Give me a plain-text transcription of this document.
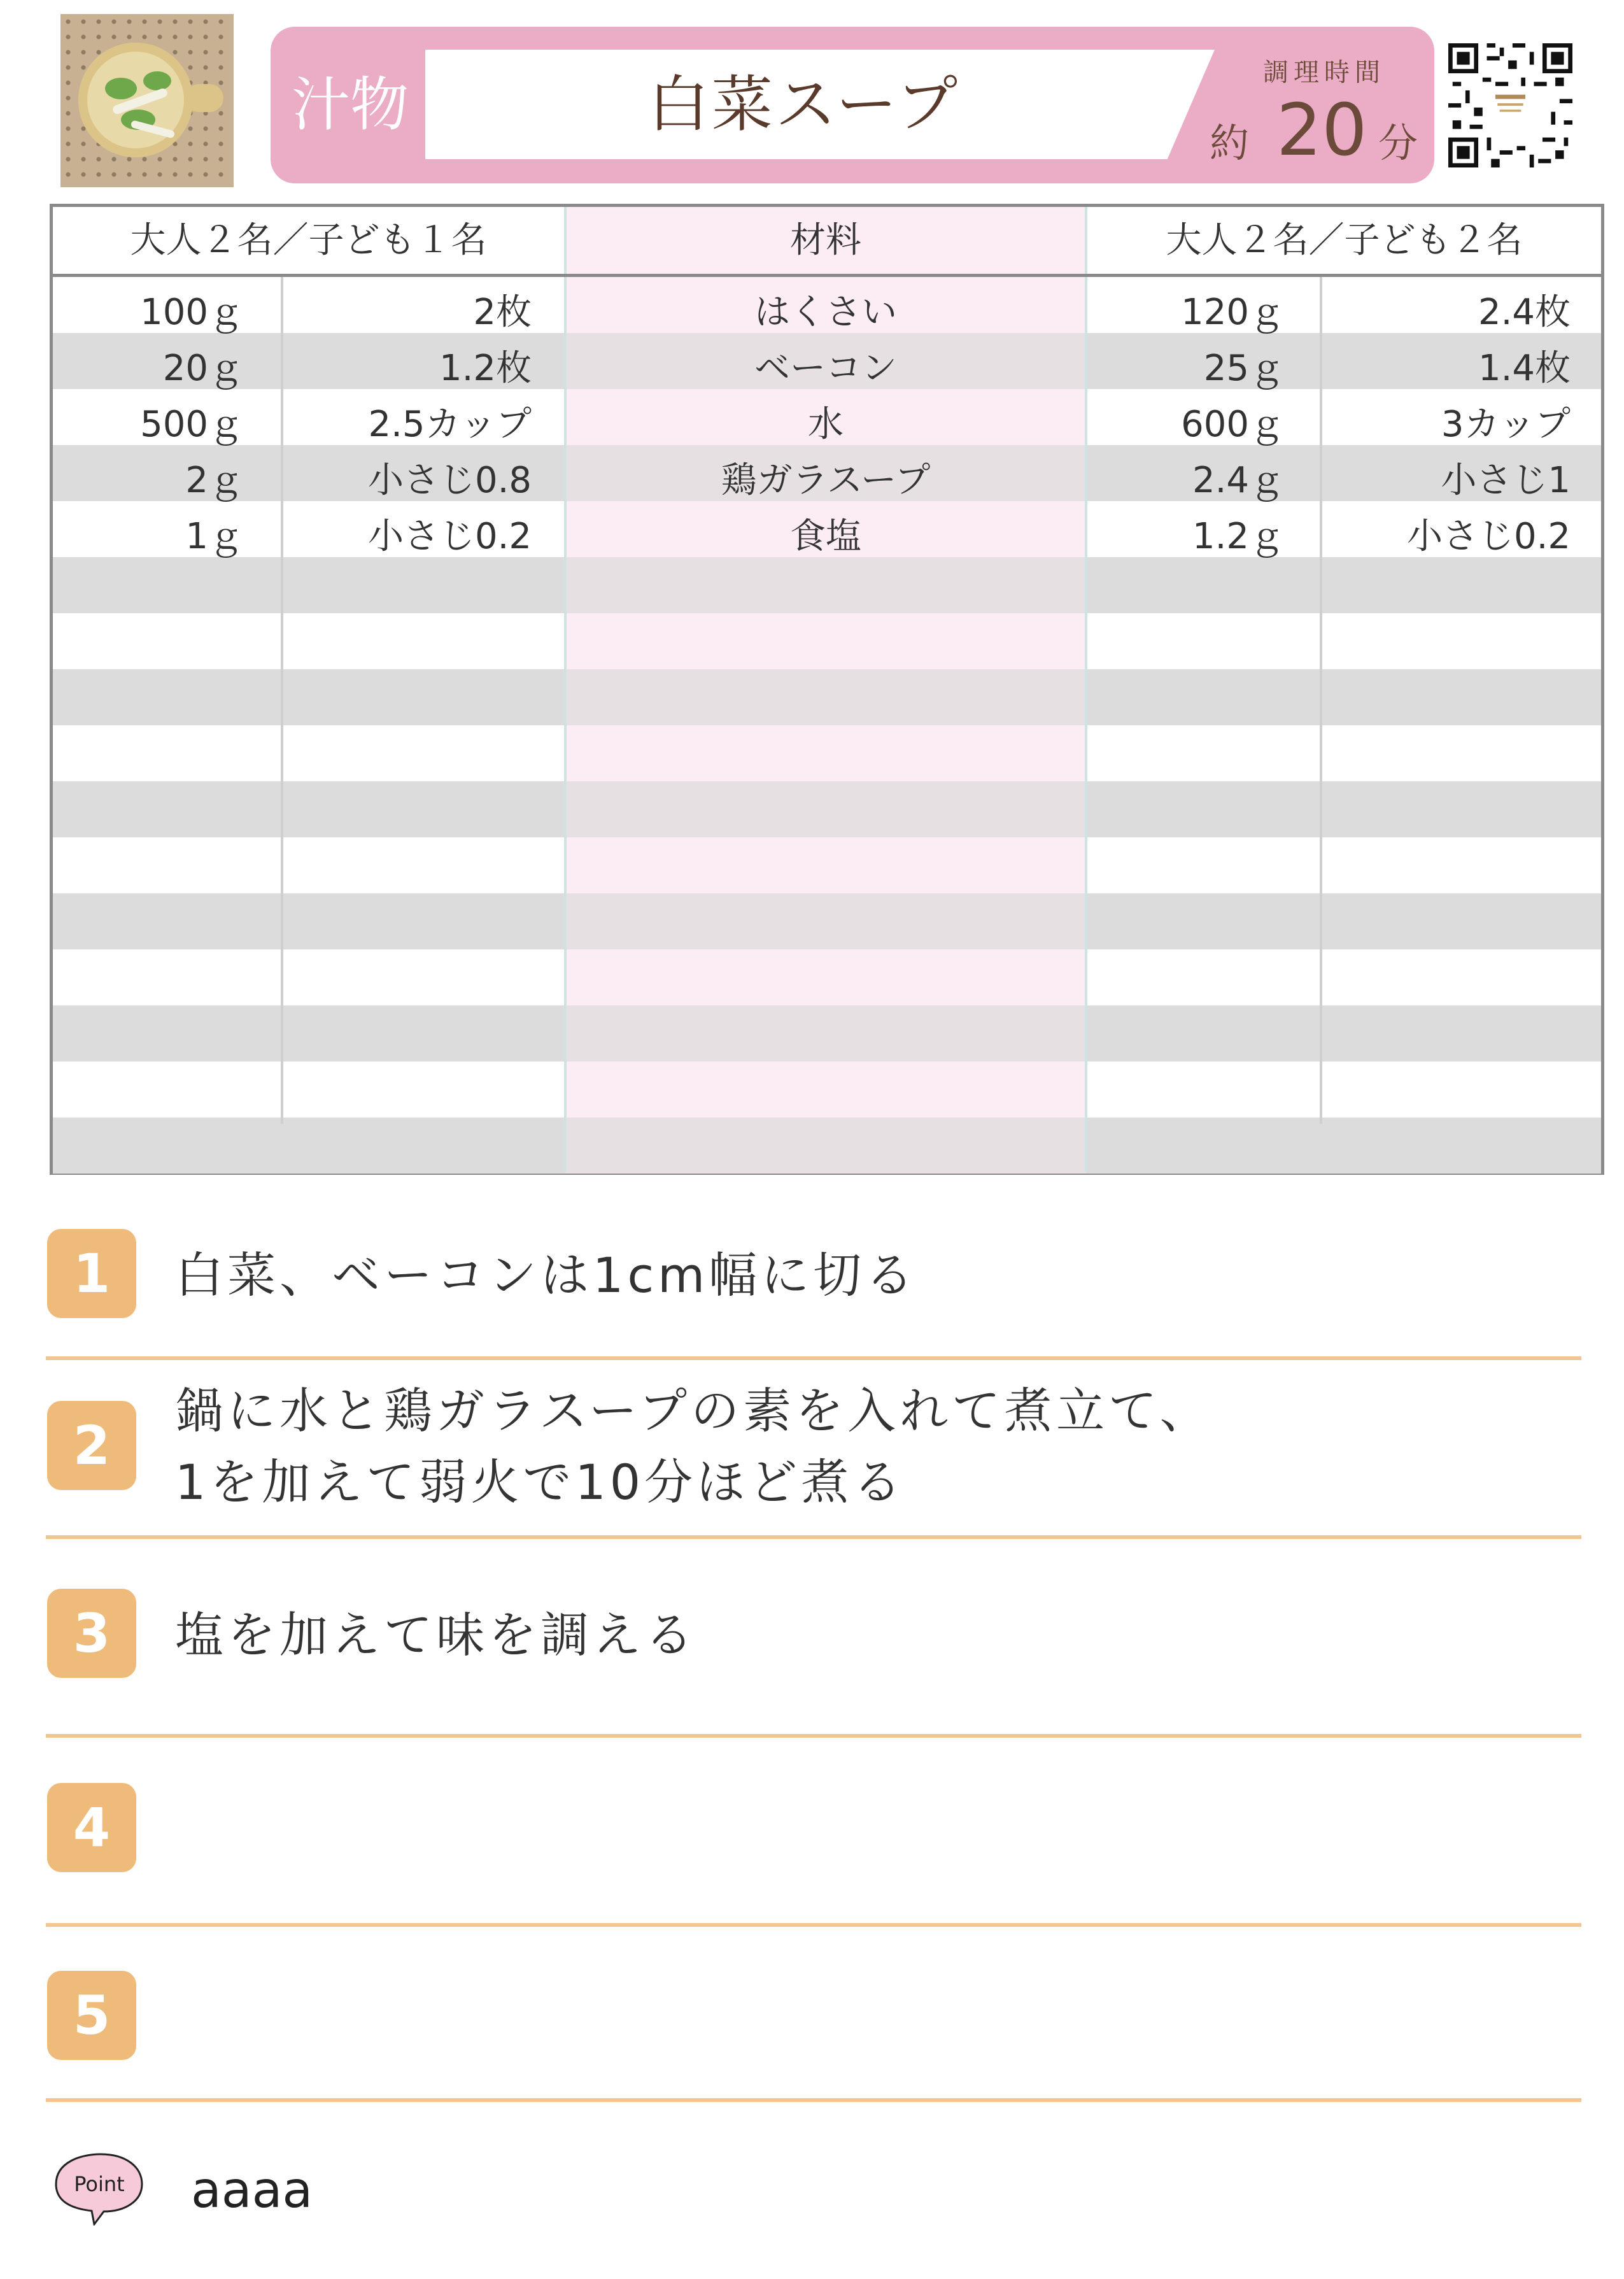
汁物	白菜スープ	調理時間
約 20 分
大人２名／子ども１名	材料	大人２名／子ども２名
100ｇ	2枚	はくさい	120ｇ	2.4枚
20ｇ	1.2枚	ベーコン	25ｇ	1.4枚
500ｇ	2.5カップ	水	600ｇ	3カップ
2ｇ	小さじ0.8	鶏ガラスープ	2.4ｇ	小さじ1
1ｇ	小さじ0.2	食塩	1.2ｇ	小さじ0.2
1	白菜、ベーコンは1cm幅に切る
2
鍋に水と鶏ガラスープの素を入れて煮立て、
1を加えて弱火で10分ほど煮る
3	塩を加えて味を調える
4
5
Point aaaa
